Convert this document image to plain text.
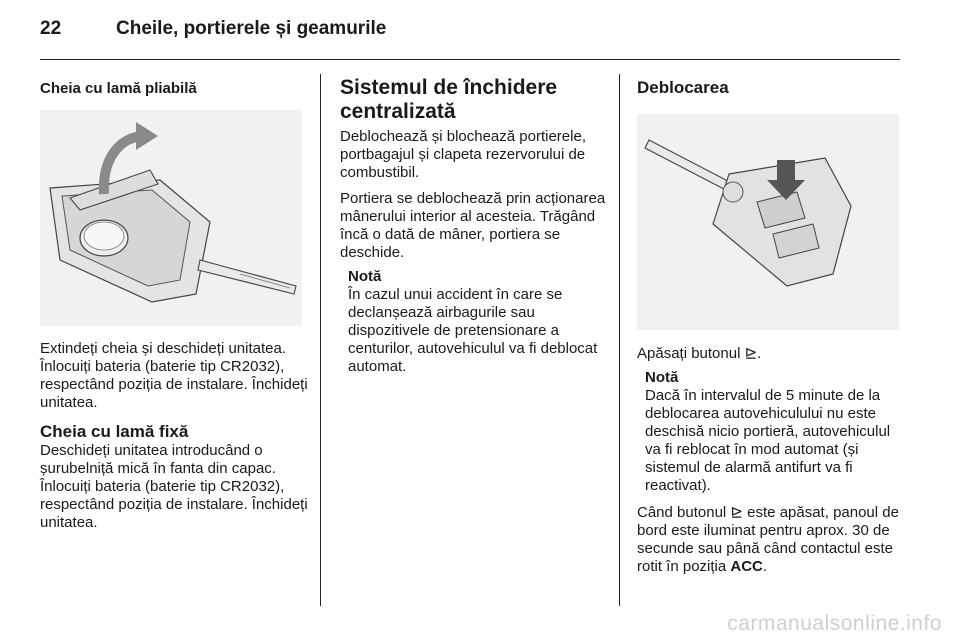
22	Cheile, portierele și geamurile
Cheia cu lamă pliabilă

Extindeți cheia și deschideți unitatea. Înlocuiți bateria (baterie tip CR2032), respectând poziția de instalare. Închideți unitatea.

Cheia cu lamă fixă

Deschideți unitatea introducând o șurubelniță mică în fanta din capac. Înlocuiți bateria (baterie tip CR2032), respectând poziția de instalare. Închideți unitatea.

Sistemul de închidere centralizată

Deblochează și blochează portierele, portbagajul și clapeta rezervorului de combustibil.

Portiera se deblochează prin acționarea mânerului interior al acesteia. Trăgând încă o dată de mâner, portiera se deschide.

Notă

În cazul unui accident în care se declanșează airbagurile sau dispozitivele de pretensionare a centurilor, autovehiculul va fi deblocat automat.

Deblocarea

Apăsați butonul ⊵.

Notă

Dacă în intervalul de 5 minute de la deblocarea autovehiculului nu este deschisă nicio portieră, autovehiculul va fi reblocat în mod automat (și sistemul de alarmă antifurt va fi reactivat).

Când butonul ⊵ este apăsat, panoul de bord este iluminat pentru aprox. 30 de secunde sau până când contactul este rotit în poziția ACC.

carmanualsonline.info
